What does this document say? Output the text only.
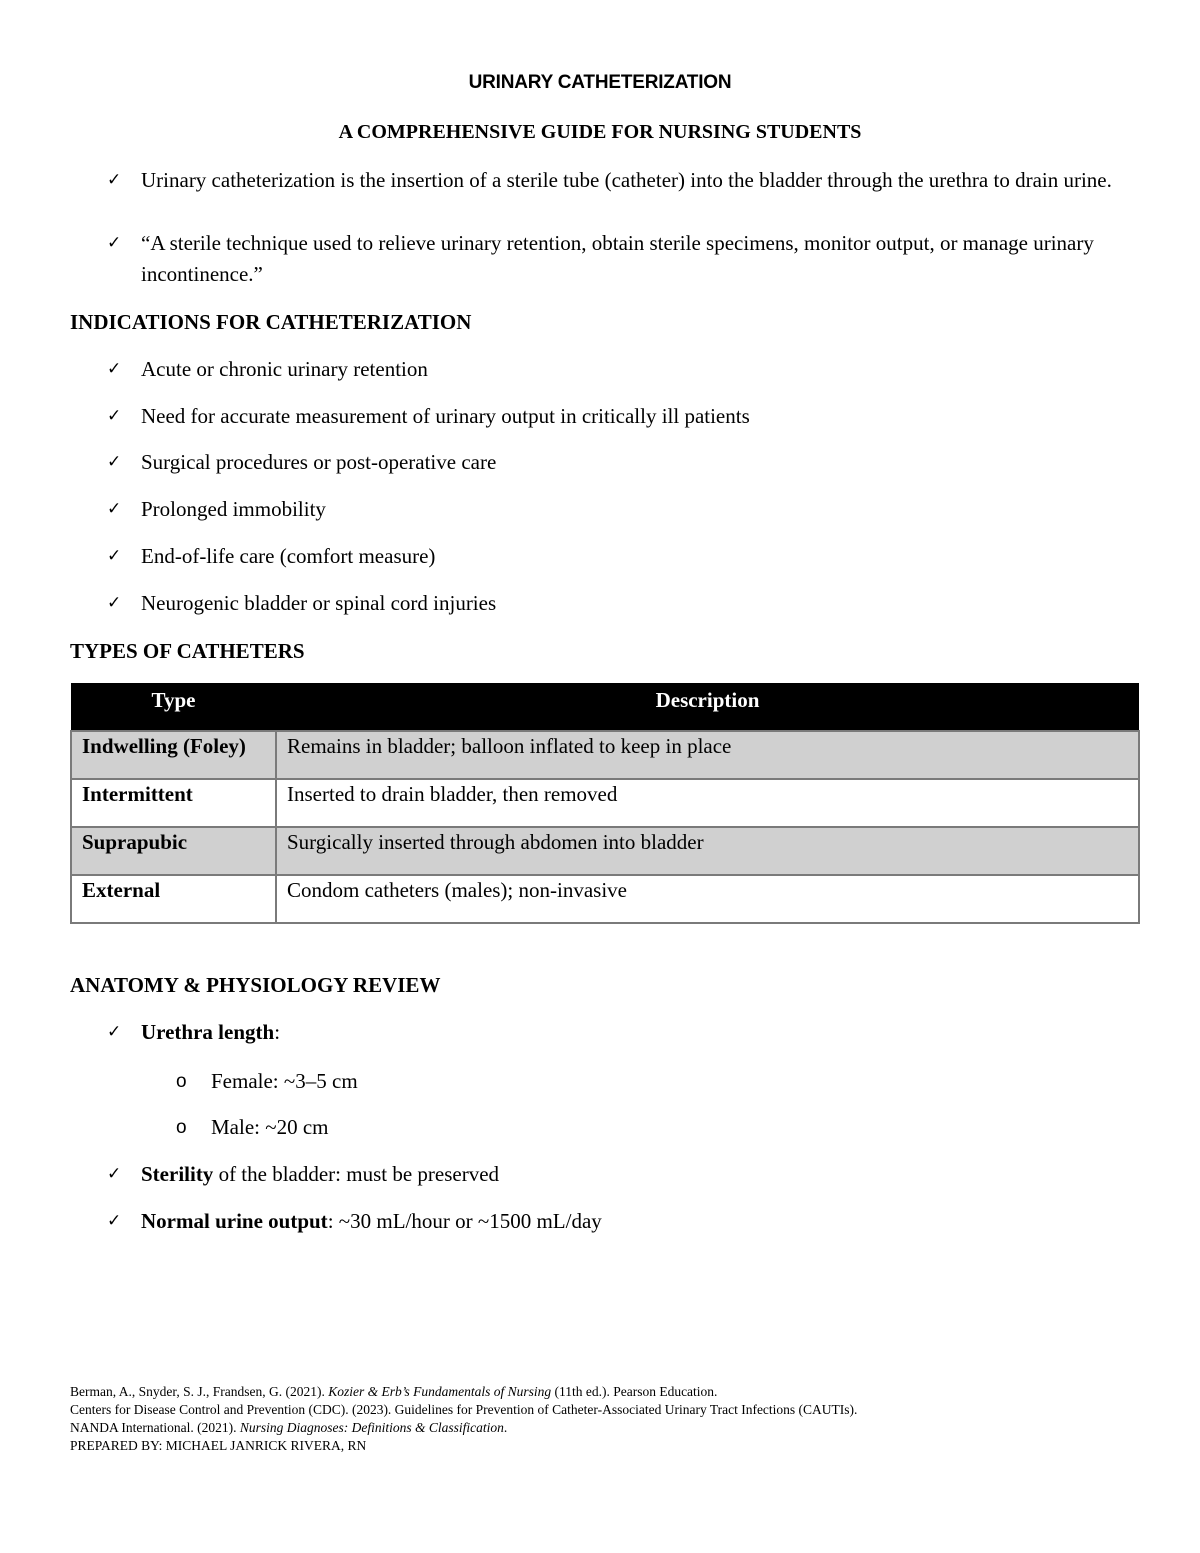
URINARY CATHETERIZATION
A COMPREHENSIVE GUIDE FOR NURSING STUDENTS
✓ Urinary catheterization is the insertion of a sterile tube (catheter) into the bladder through the urethra to drain urine.
✓ “A sterile technique used to relieve urinary retention, obtain sterile specimens, monitor output, or manage urinary incontinence.”
INDICATIONS FOR CATHETERIZATION
✓ Acute or chronic urinary retention
✓ Need for accurate measurement of urinary output in critically ill patients
✓ Surgical procedures or post-operative care
✓ Prolonged immobility
✓ End-of-life care (comfort measure)
✓ Neurogenic bladder or spinal cord injuries
TYPES OF CATHETERS
Type	Description
Indwelling (Foley)	Remains in bladder; balloon inflated to keep in place
Intermittent	Inserted to drain bladder, then removed
Suprapubic	Surgically inserted through abdomen into bladder
External	Condom catheters (males); non-invasive
ANATOMY & PHYSIOLOGY REVIEW
✓ Urethra length:
o Female: ~3–5 cm
o Male: ~20 cm
✓ Sterility of the bladder: must be preserved
✓ Normal urine output: ~30 mL/hour or ~1500 mL/day
Berman, A., Snyder, S. J., Frandsen, G. (2021). Kozier & Erb’s Fundamentals of Nursing (11th ed.). Pearson Education.
Centers for Disease Control and Prevention (CDC). (2023). Guidelines for Prevention of Catheter-Associated Urinary Tract Infections (CAUTIs).
NANDA International. (2021). Nursing Diagnoses: Definitions & Classification.
PREPARED BY: MICHAEL JANRICK RIVERA, RN
